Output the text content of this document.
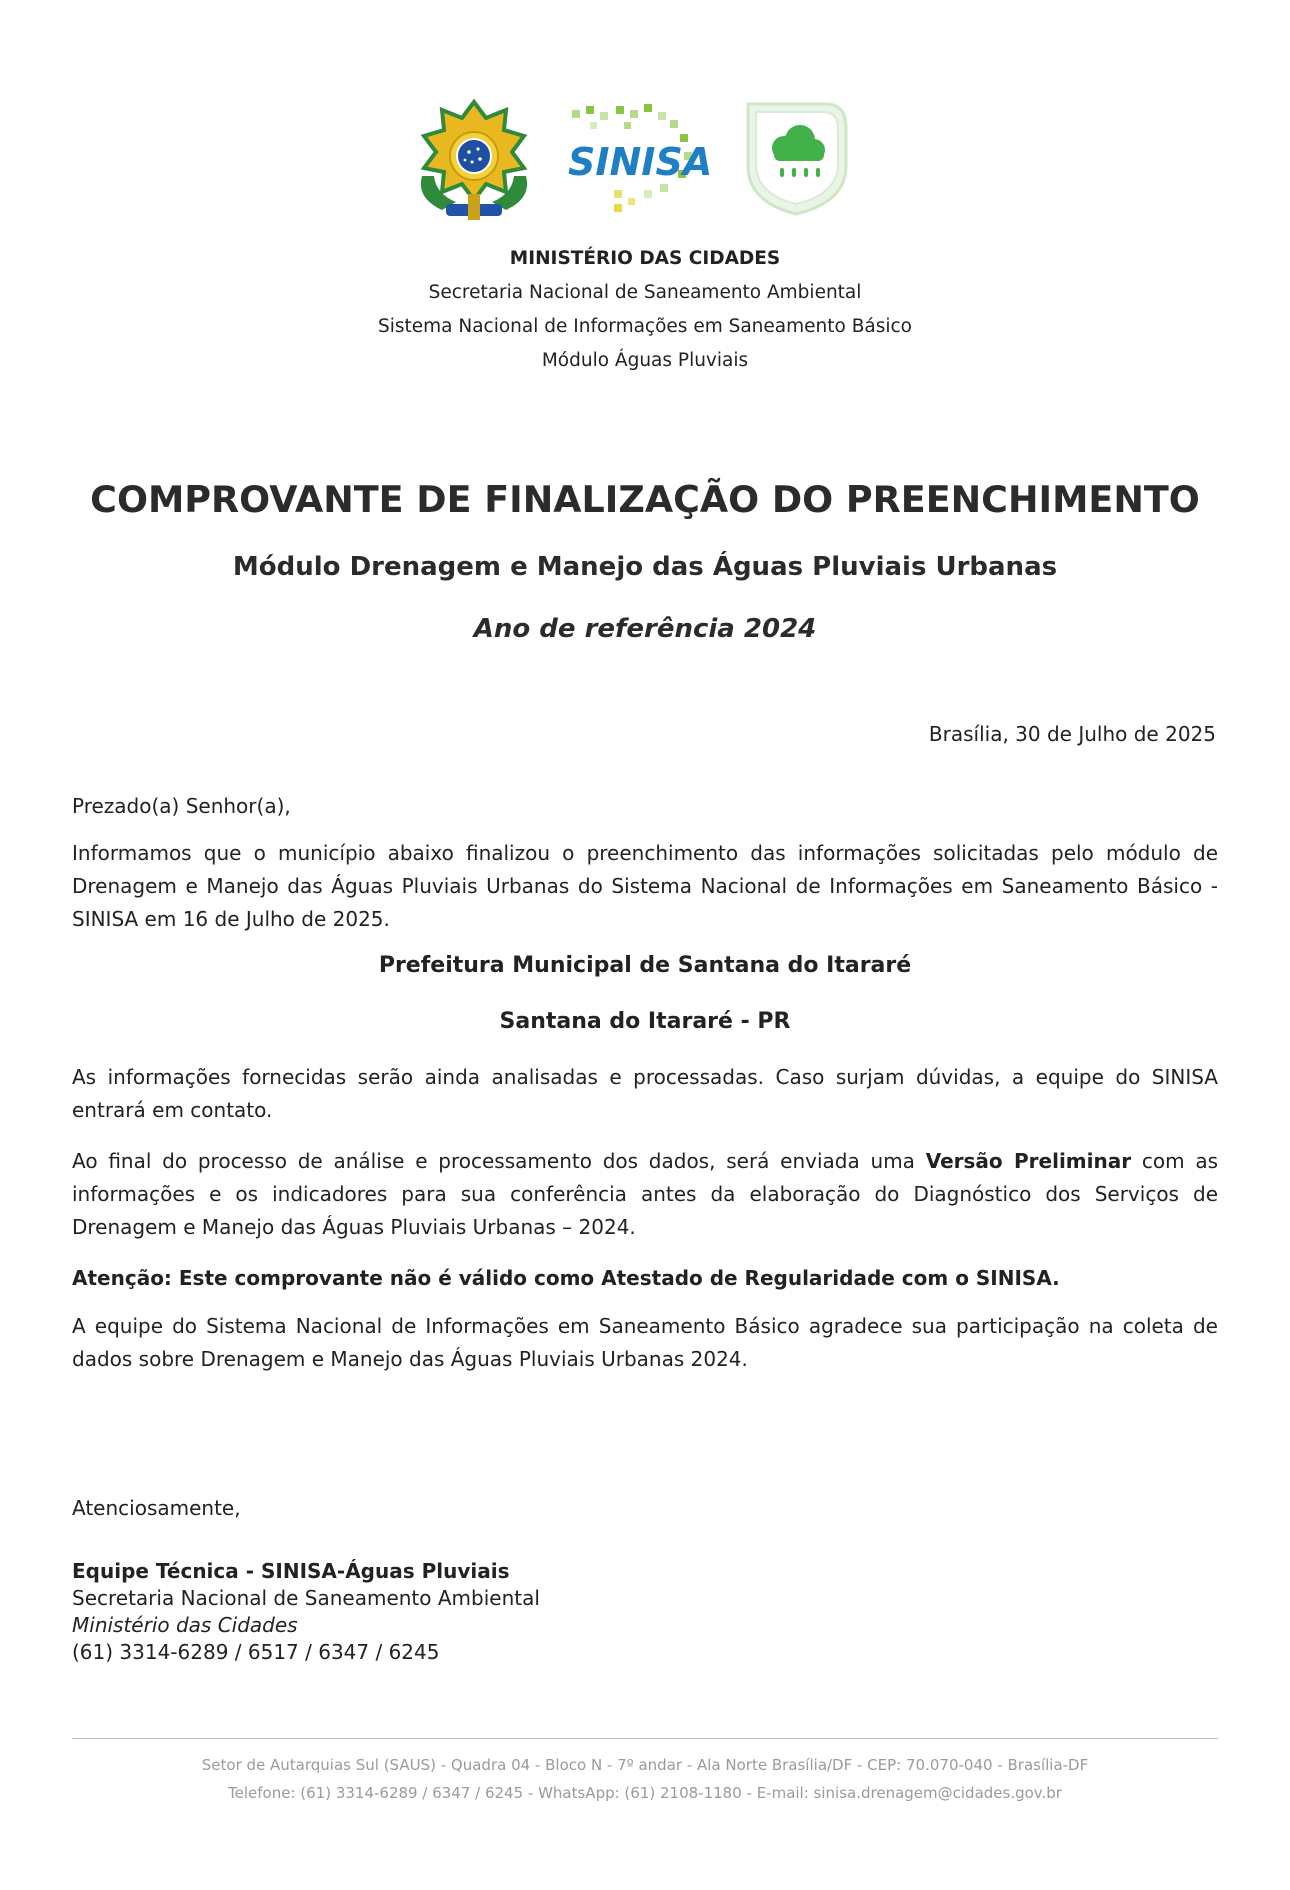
SINISA
MINISTÉRIO DAS CIDADES
Secretaria Nacional de Saneamento Ambiental
Sistema Nacional de Informações em Saneamento Básico
Módulo Águas Pluviais
COMPROVANTE DE FINALIZAÇÃO DO PREENCHIMENTO
Módulo Drenagem e Manejo das Águas Pluviais Urbanas
Ano de referência 2024
Brasília, 30 de Julho de 2025
Prezado(a) Senhor(a),
Informamos que o município abaixo finalizou o preenchimento das informações solicitadas pelo módulo de Drenagem e Manejo das Águas Pluviais Urbanas do Sistema Nacional de Informações em Saneamento Básico - SINISA em 16 de Julho de 2025.
Prefeitura Municipal de Santana do Itararé
Santana do Itararé - PR
As informações fornecidas serão ainda analisadas e processadas. Caso surjam dúvidas, a equipe do SINISA entrará em contato.
Ao final do processo de análise e processamento dos dados, será enviada uma Versão Preliminar com as informações e os indicadores para sua conferência antes da elaboração do Diagnóstico dos Serviços de Drenagem e Manejo das Águas Pluviais Urbanas – 2024.
Atenção: Este comprovante não é válido como Atestado de Regularidade com o SINISA.
A equipe do Sistema Nacional de Informações em Saneamento Básico agradece sua participação na coleta de dados sobre Drenagem e Manejo das Águas Pluviais Urbanas 2024.
Atenciosamente,
Equipe Técnica - SINISA-Águas Pluviais
Secretaria Nacional de Saneamento Ambiental
Ministério das Cidades
(61) 3314-6289 / 6517 / 6347 / 6245
Setor de Autarquias Sul (SAUS) - Quadra 04 - Bloco N - 7º andar - Ala Norte Brasília/DF - CEP: 70.070-040 - Brasília-DF
Telefone: (61) 3314-6289 / 6347 / 6245 - WhatsApp: (61) 2108-1180 - E-mail: sinisa.drenagem@cidades.gov.br
